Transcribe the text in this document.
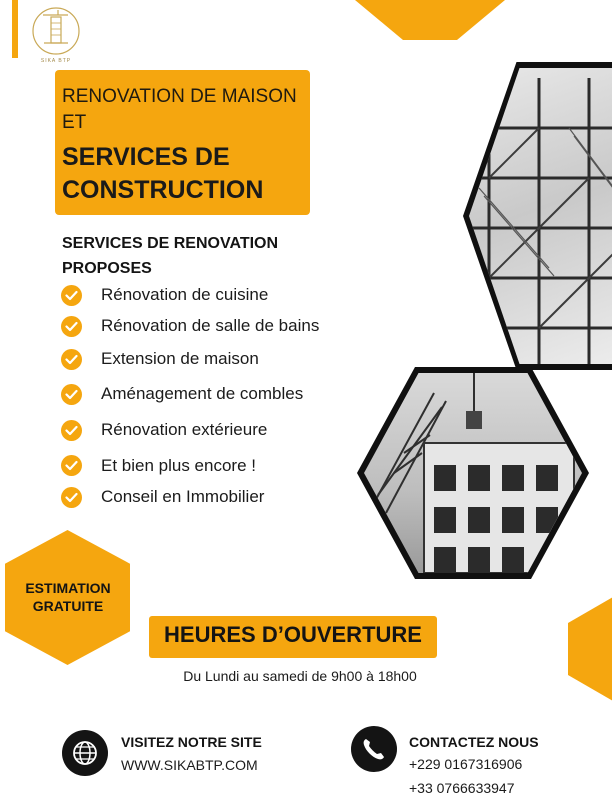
SIKA BTP
RENOVATION DE MAISON ET
SERVICES DE CONSTRUCTION
SERVICES DE RENOVATION PROPOSES
Rénovation de cuisine
Rénovation de salle de bains
Extension de maison
Aménagement de combles
Rénovation extérieure
Et bien plus encore !
Conseil en Immobilier
ESTIMATION GRATUITE
HEURES D’OUVERTURE
Du Lundi au samedi de 9h00 à 18h00
VISITEZ NOTRE SITE
WWW.SIKABTP.COM
CONTACTEZ NOUS
+229 0167316906
+33 0766633947
